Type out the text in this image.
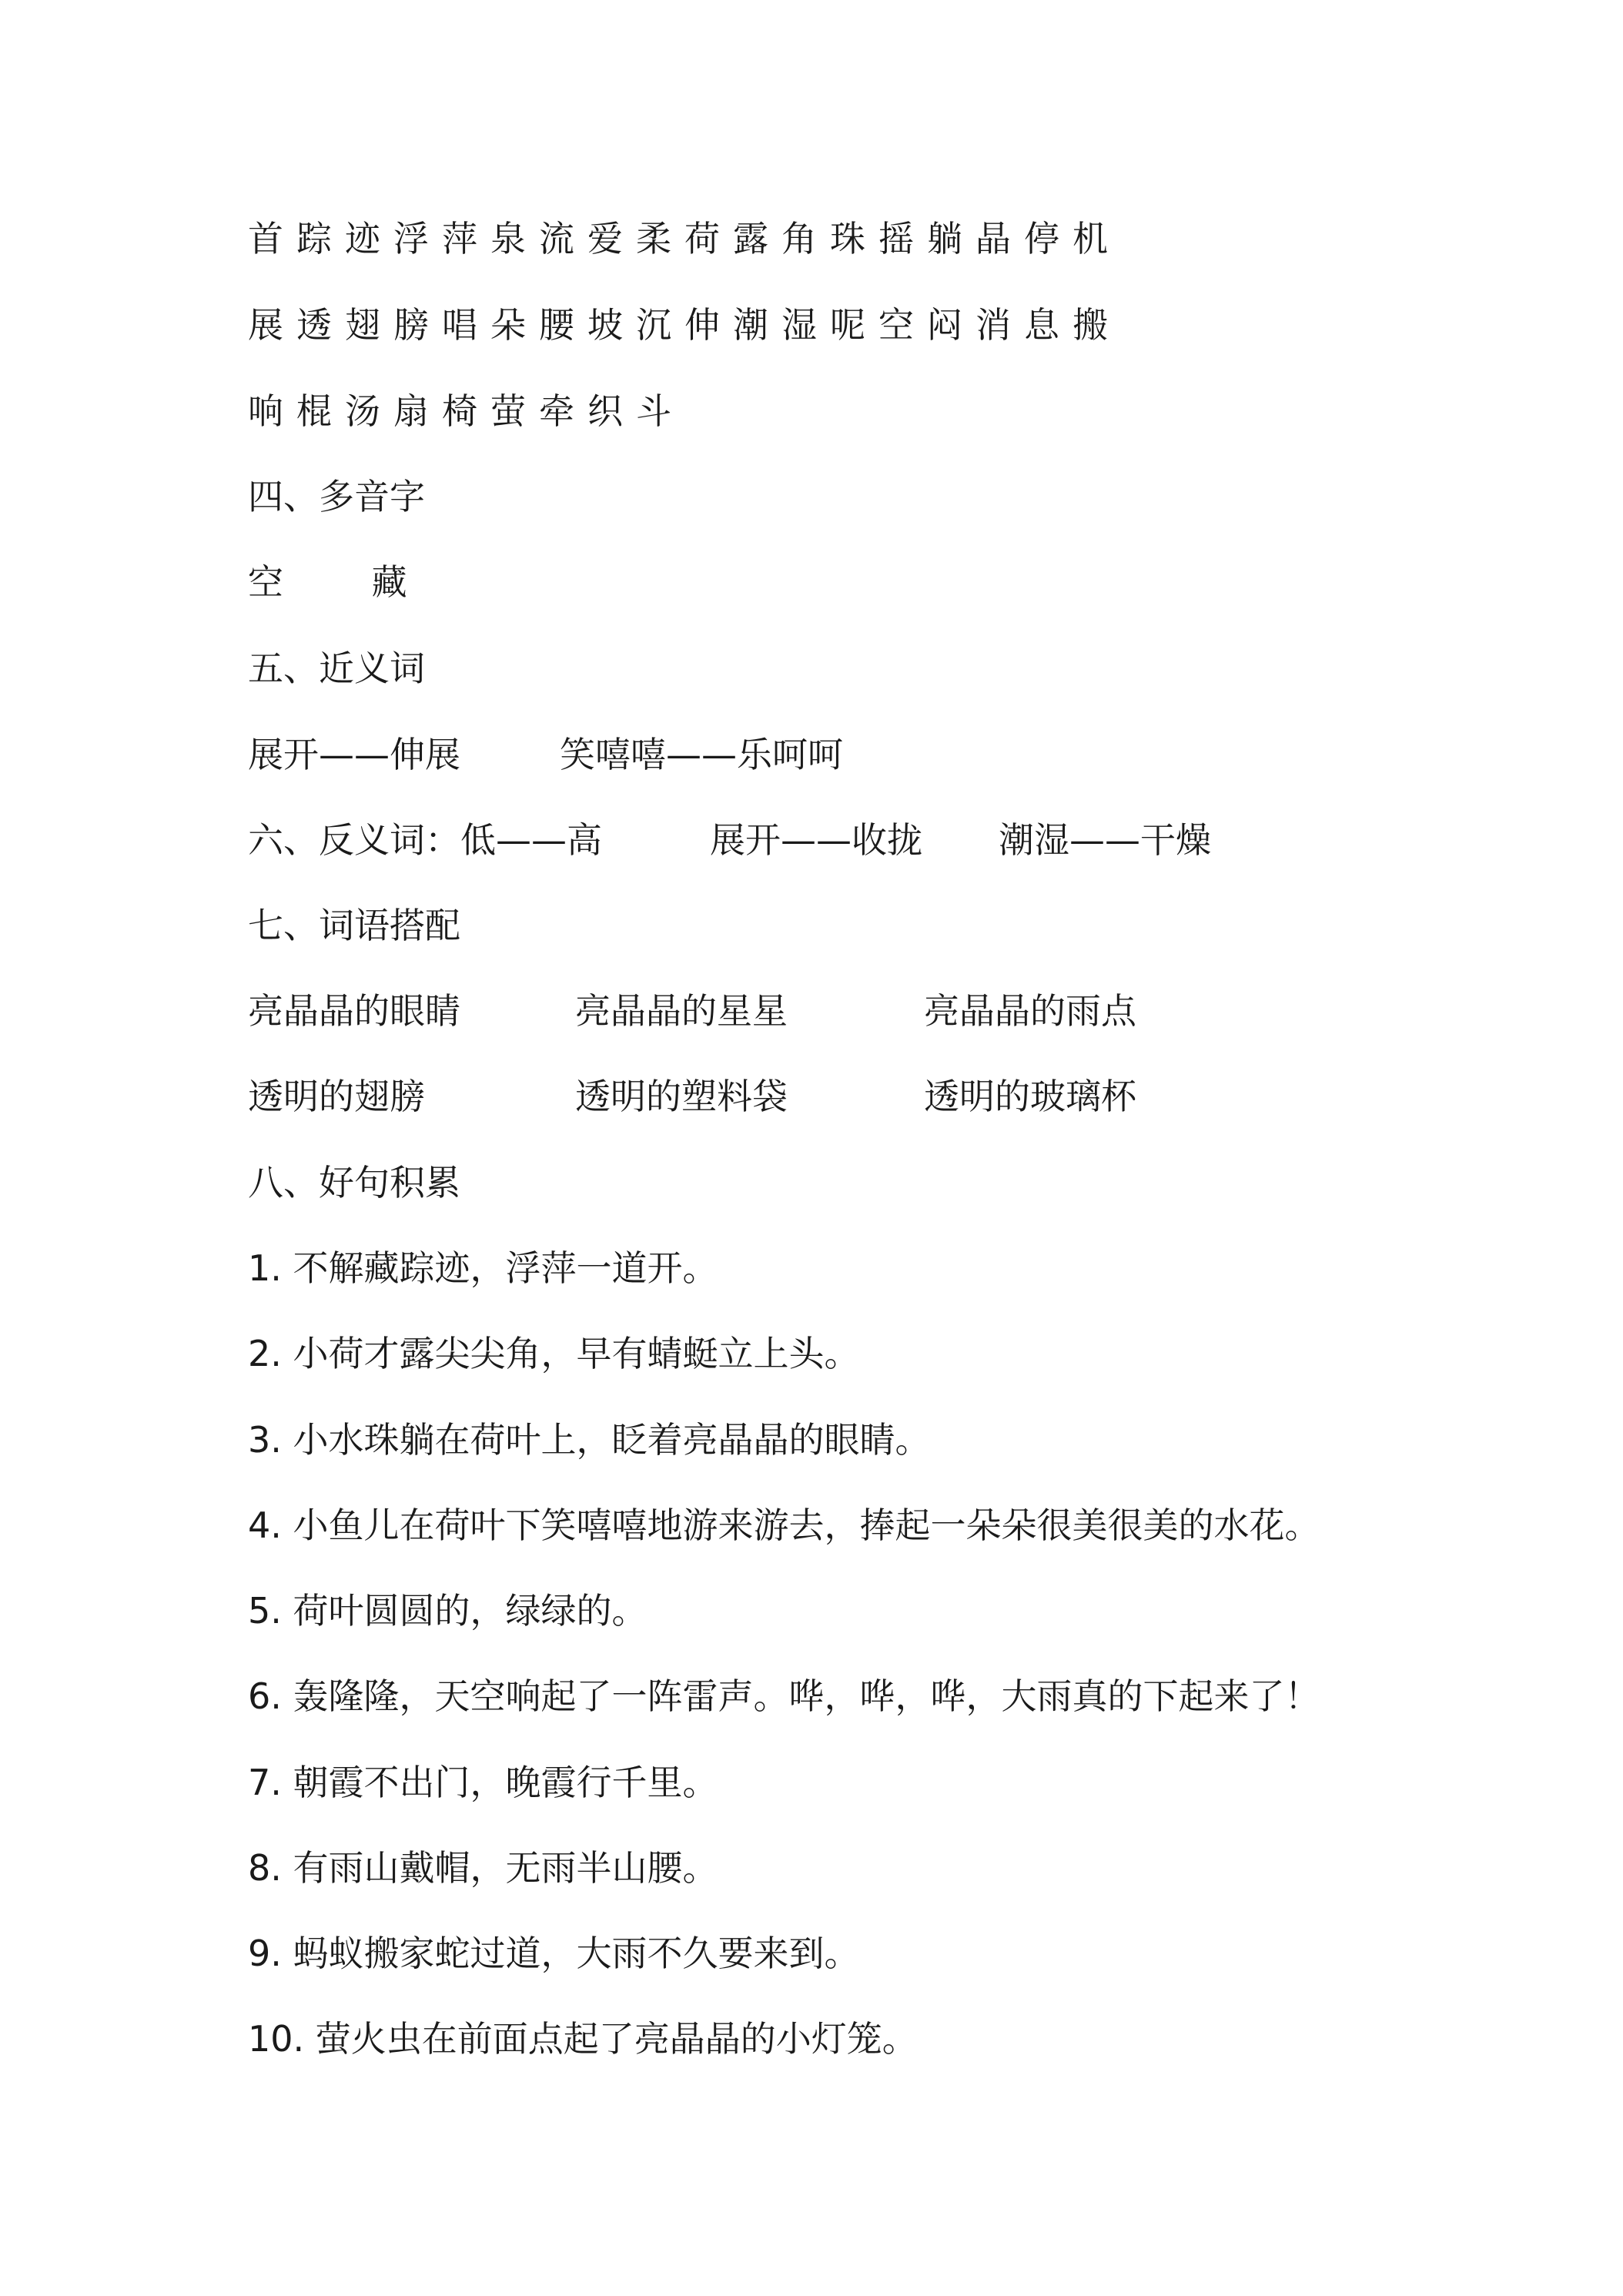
首踪迹浮萍泉流爱柔荷露角珠摇躺晶停机
展透翅膀唱朵腰坡沉伸潮湿呢空闷消息搬
响棍汤扇椅萤牵织斗
四、多音字
空 藏
五、近义词
展开——伸展	笑嘻嘻——乐呵呵
六、反义词：低——高	展开——收拢 潮湿——干燥
七、词语搭配
亮晶晶的眼睛	亮晶晶的星星	亮晶晶的雨点
透明的翅膀	透明的塑料袋	透明的玻璃杯
八、好句积累
1. 不解藏踪迹，浮萍一道开。
2. 小荷才露尖尖角，早有蜻蜓立上头。
3. 小水珠躺在荷叶上，眨着亮晶晶的眼睛。
4. 小鱼儿在荷叶下笑嘻嘻地游来游去，捧起一朵朵很美很美的水花。
5. 荷叶圆圆的，绿绿的。
6. 轰隆隆，天空响起了一阵雷声。哗，哗，哗，大雨真的下起来了！
7. 朝霞不出门，晚霞行千里。
8. 有雨山戴帽，无雨半山腰。
9. 蚂蚁搬家蛇过道，大雨不久要来到。
10. 萤火虫在前面点起了亮晶晶的小灯笼。
